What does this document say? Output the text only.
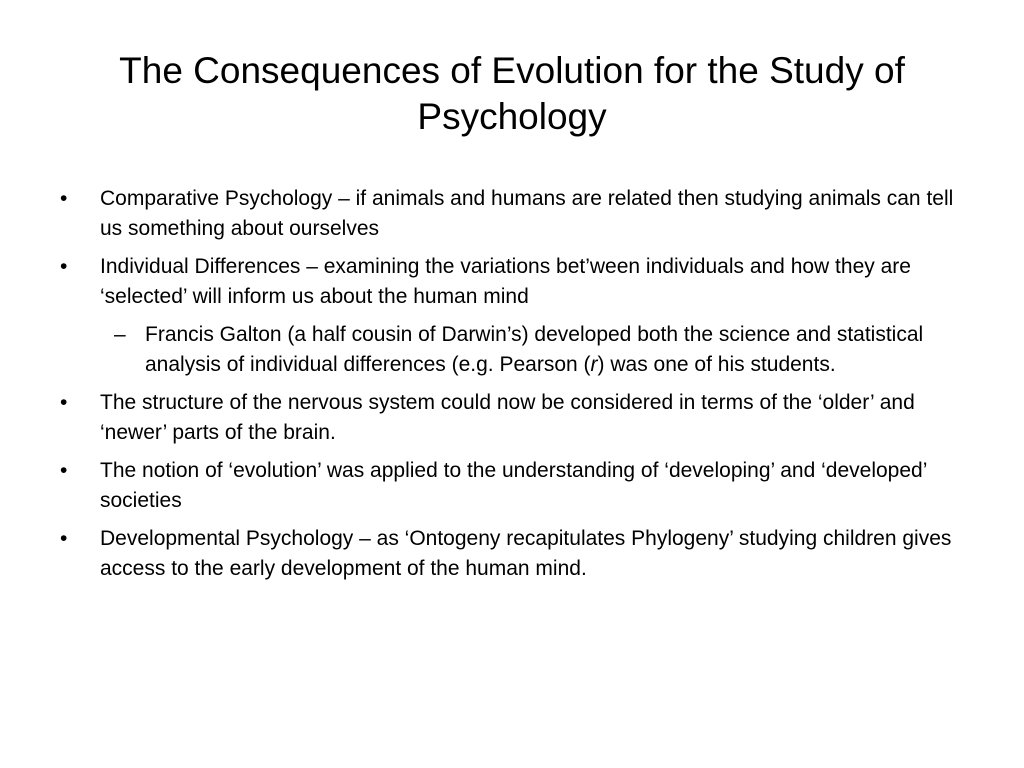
The Consequences of Evolution for the Study of Psychology
• Comparative Psychology – if animals and humans are related then studying animals can tell us something about ourselves
• Individual Differences – examining the variations bet’ween individuals and how they are ‘selected’ will inform us about the human mind
– Francis Galton (a half cousin of Darwin’s) developed both the science and statistical analysis of individual differences (e.g. Pearson (r) was one of his students.
• The structure of the nervous system could now be considered in terms of the ‘older’ and ‘newer’ parts of the brain.
• The notion of ‘evolution’ was applied to the understanding of ‘developing’ and ‘developed’ societies
• Developmental Psychology – as ‘Ontogeny recapitulates Phylogeny’ studying children gives access to the early development of the human mind.
